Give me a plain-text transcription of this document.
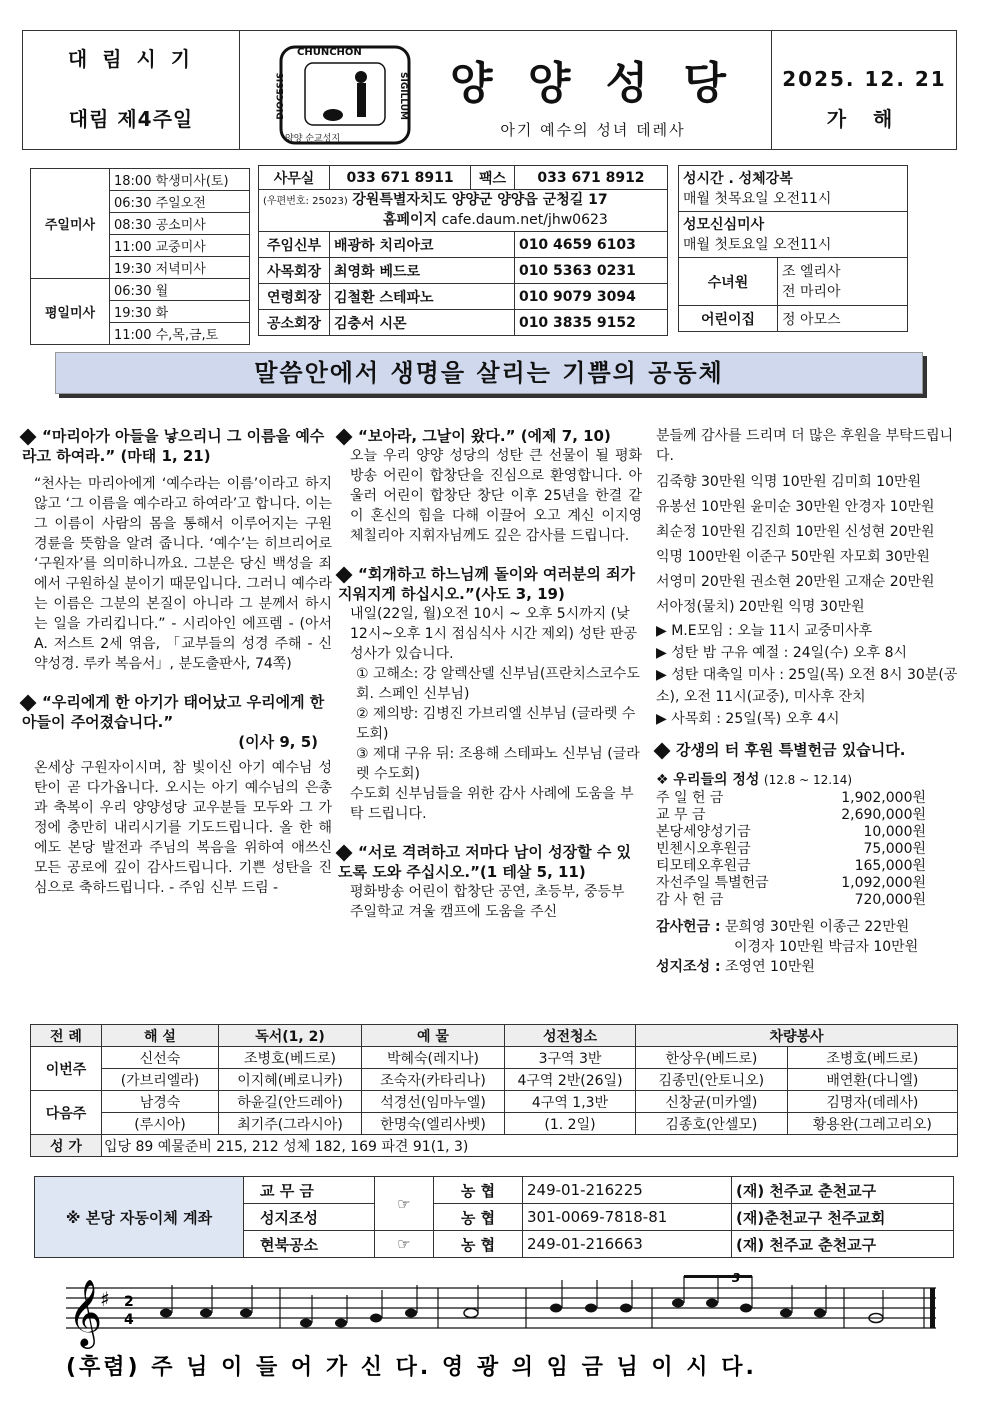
대 림 시 기
대림 제4주일
CHUNCHON
양양 순교성지
DIOCESIS	SIGILLUM 양 양 성 당
아기 예수의 성녀 데레사
2025. 12. 21
가 해
주일미사	18:00 학생미사(토)
	06:30 주일오전
	08:30 공소미사
	11:00 교중미사
	19:30 저녁미사
평일미사	06:30 월
	19:30 화
	11:00 수,목,금,토
사무실	033 671 8911	팩스	033 671 8912
(우편번호: 25023) 강원특별자치도 양양군 양양읍 군청길 17
홈페이지 cafe.daum.net/jhw0623			
주임신부	배광하 치리아코		010 4659 6103
사목회장	최영화 베드로		010 5363 0231
연령회장	김철환 스테파노		010 9079 3094
공소회장	김충서 시몬		010 3835 9152
성시간 . 성체강복
매월 첫목요일 오전11시	
성모신심미사
매월 첫토요일 오전11시	
수녀원	조 엘리사
전 마리아
어린이집	정 아모스
말씀안에서 생명을 살리는 기쁨의 공동체
“마리아가 아들을 낳으리니 그 이름을 예수라고 하여라.” (마태 1, 21)
“천사는 마리아에게 ‘예수라는 이름’이라고 하지 않고 ‘그 이름을 예수라고 하여라’고 합니다. 이는 그 이름이 사람의 몸을 통해서 이루어지는 구원 경륜을 뜻함을 알려 줍니다. ‘예수’는 히브리어로 ‘구원자’를 의미하니까요. 그분은 당신 백성을 죄에서 구원하실 분이기 때문입니다. 그러니 예수라는 이름은 그분의 본질이 아니라 그 분께서 하시는 일을 가리킵니다.” - 시리아인 에프렘 - (아서 A. 저스트 2세 엮음, 「교부들의 성경 주해 - 신약성경. 루카 복음서」, 분도출판사, 74쪽)
“우리에게 한 아기가 태어났고 우리에게 한 아들이 주어졌습니다.”
(이사 9, 5)
온세상 구원자이시며, 참 빛이신 아기 예수님 성탄이 곧 다가옵니다. 오시는 아기 예수님의 은총과 축복이 우리 양양성당 교우분들 모두와 그 가정에 충만히 내리시기를 기도드립니다. 올 한 해에도 본당 발전과 주님의 복음을 위하여 애쓰신 모든 공로에 깊이 감사드립니다. 기쁜 성탄을 진심으로 축하드립니다. - 주임 신부 드림 -
“보아라, 그날이 왔다.” (에제 7, 10)
오늘 우리 양양 성당의 성탄 큰 선물이 될 평화방송 어린이 합창단을 진심으로 환영합니다. 아울러 어린이 합창단 창단 이후 25년을 한결 같이 혼신의 힘을 다해 이끌어 오고 계신 이지영 체칠리아 지휘자님께도 깊은 감사를 드립니다.
“회개하고 하느님께 돌이와 여러분의 죄가 지워지게 하십시오.”(사도 3, 19)
내일(22일, 월)오전 10시 ~ 오후 5시까지 (낮 12시~오후 1시 점심식사 시간 제외) 성탄 판공성사가 있습니다.
① 고해소: 강 알렉산델 신부님(프란치스코수도회. 스페인 신부님)
② 제의방: 김병진 가브리엘 신부님 (글라렛 수도회)
③ 제대 구유 뒤: 조용해 스테파노 신부님 (글라렛 수도회)
수도회 신부님들을 위한 감사 사례에 도움을 부탁 드립니다.
“서로 격려하고 저마다 남이 성장할 수 있도록 도와 주십시오.”(1 테살 5, 11)
평화방송 어린이 합창단 공연, 초등부, 중등부 주일학교 겨울 캠프에 도움을 주신
분들께 감사를 드리며 더 많은 후원을 부탁드립니다.
김죽향 30만원 익명 10만원 김미희 10만원
유봉선 10만원 윤미순 30만원 안경자 10만원
최순정 10만원 김진희 10만원 신성현 20만원
익명 100만원 이준구 50만원 자모회 30만원
서영미 20만원 권소현 20만원 고재순 20만원
서아정(물치) 20만원 익명 30만원
▶ M.E모임 : 오늘 11시 교중미사후
▶ 성탄 밤 구유 예절 : 24일(수) 오후 8시
▶ 성탄 대축일 미사 : 25일(목) 오전 8시 30분(공소), 오전 11시(교중), 미사후 잔치
▶ 사목회 : 25일(목) 오후 4시
강생의 터 후원 특별헌금 있습니다.
❖ 우리들의 정성 (12.8 ~ 12.14)
주 일 헌 금	1,902,000원
교 무 금	2,690,000원
본당세양성기금	10,000원
빈첸시오후원금	75,000원
티모테오후원금	165,000원
자선주일 특별헌금	1,092,000원
감 사 헌 금	720,000원
감사헌금 : 문희영 30만원 이종근 22만원
이경자 10만원 박금자 10만원
성지조성 : 조영연 10만원
전 례	해 설	독서(1, 2)	예 물	성전청소	차량봉사	
이번주	신선숙	조병호(베드로)	박혜숙(레지나)	3구역 3반	한상우(베드로)	조병호(베드로)
	(가브리엘라)	이지혜(베로니카)	조숙자(카타리나)	4구역 2반(26일)	김종민(안토니오)	배연환(다니엘)
다음주	남경숙	하윤길(안드레아)	석경선(임마누엘)	4구역 1,3반	신창균(미카엘)	김명자(데레사)
	(루시아)	최기주(그라시아)	한명숙(엘리사벳)	(1. 2일)	김종호(안셀모)	황용완(그레고리오)
성 가	입당 89 예물준비 215, 212 성체 182, 169 파견 91(1, 3)					
※ 본당 자동이체 계좌	교 무 금	☞	농 협	249-01-216225	(재) 천주교 춘천교구
	성지조성		농 협	301-0069-7818-81	(재)춘천교구 천주교회
	현북공소	☞	농 협	249-01-216663	(재) 천주교 춘천교구
𝄞
♯ 2
4
(후렴) 주 님 이 들 어 가 신 다. 영 광 의 임 금 님 이 시 다.
